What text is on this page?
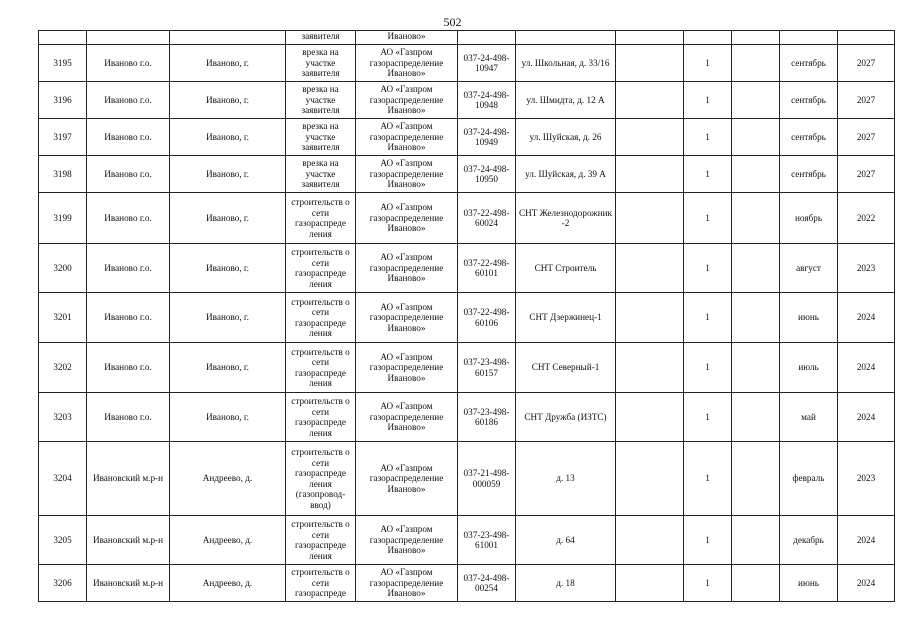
502
			заявителя	Иваново»							
3195	Иваново г.о.	Иваново, г.	врезка на участке заявителя	АО «Газпром газораспределение Иваново»	037-24-498-10947	ул. Школьная, д. 33/16		1		сентябрь	2027
3196	Иваново г.о.	Иваново, г.	врезка на участке заявителя	АО «Газпром газораспределение Иваново»	037-24-498-10948	ул. Шмидта, д. 12 А		1		сентябрь	2027
3197	Иваново г.о.	Иваново, г.	врезка на участке заявителя	АО «Газпром газораспределение Иваново»	037-24-498-10949	ул. Шуйская, д. 26		1		сентябрь	2027
3198	Иваново г.о.	Иваново, г.	врезка на участке заявителя	АО «Газпром газораспределение Иваново»	037-24-498-10950	ул. Шуйская, д. 39 А		1		сентябрь	2027
3199	Иваново г.о.	Иваново, г.	строительств о сети газораспреде ления	АО «Газпром газораспределение Иваново»	037-22-498-60024	СНТ Железнодорожник -2		1		ноябрь	2022
3200	Иваново г.о.	Иваново, г.	строительств о сети газораспреде ления	АО «Газпром газораспределение Иваново»	037-22-498-60101	СНТ Строитель		1		август	2023
3201	Иваново г.о.	Иваново, г.	строительств о сети газораспреде ления	АО «Газпром газораспределение Иваново»	037-22-498-60106	СНТ Дзержинец-1		1		июнь	2024
3202	Иваново г.о.	Иваново, г.	строительств о сети газораспреде ления	АО «Газпром газораспределение Иваново»	037-23-498-60157	СНТ Северный-1		1		июль	2024
3203	Иваново г.о.	Иваново, г.	строительств о сети газораспреде ления	АО «Газпром газораспределение Иваново»	037-23-498-60186	СНТ Дружба (ИЗТС)		1		май	2024
3204	Ивановский м.р-н	Андреево, д.	строительств о сети газораспреде ления (газопровод-ввод)	АО «Газпром газораспределение Иваново»	037-21-498-000059	д. 13		1		февраль	2023
3205	Ивановский м.р-н	Андреево, д.	строительств о сети газораспреде ления	АО «Газпром газораспределение Иваново»	037-23-498-61001	д. 64		1		декабрь	2024
3206	Ивановский м.р-н	Андреево, д.	строительств о сети газораспреде	АО «Газпром газораспределение Иваново»	037-24-498-00254	д. 18		1		июнь	2024
